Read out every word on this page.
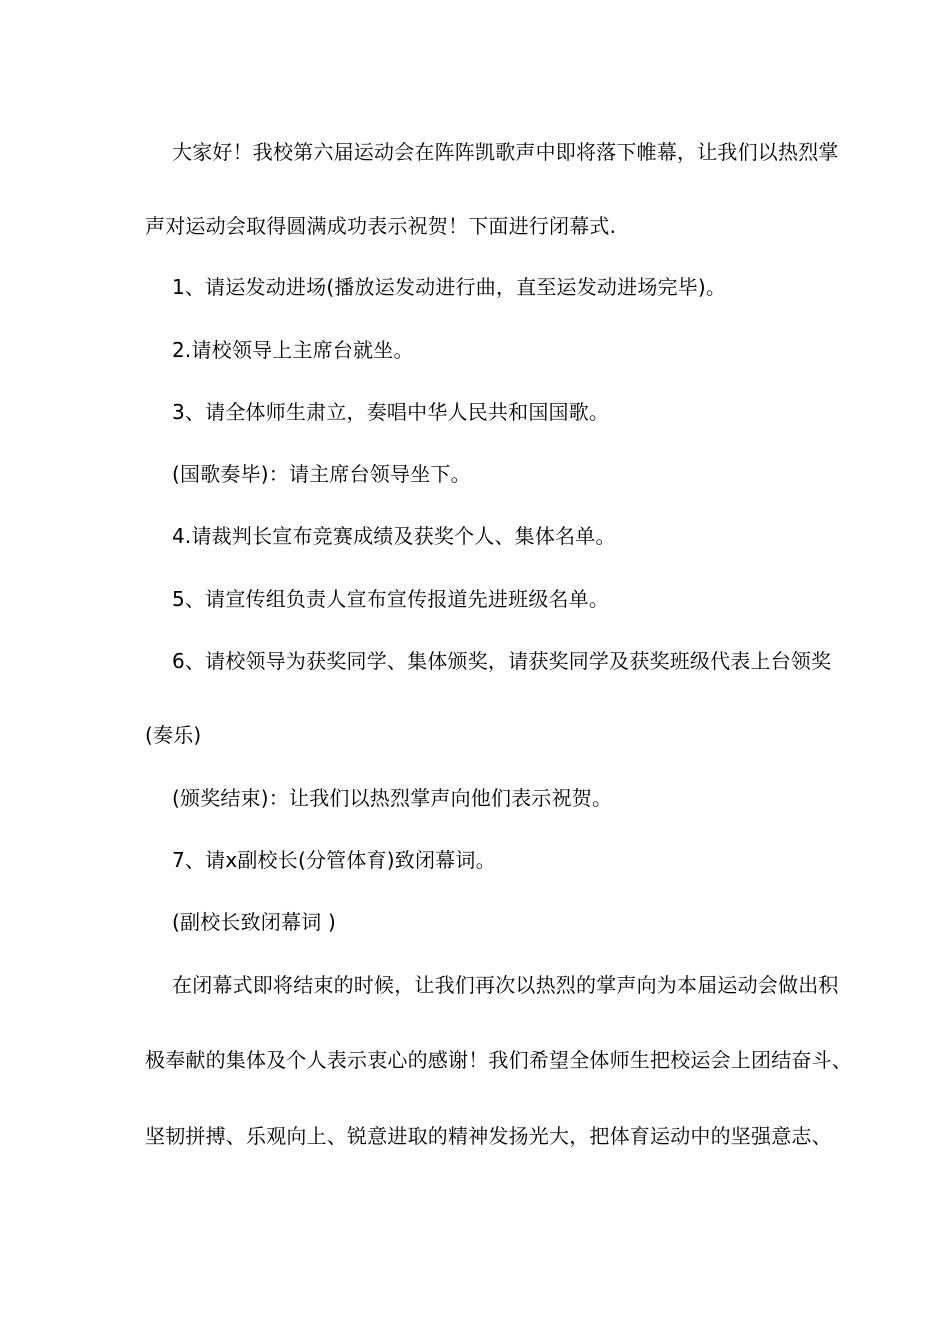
大家好！我校第六届运动会在阵阵凯歌声中即将落下帷幕，让我们以热烈掌
声对运动会取得圆满成功表示祝贺！下面进行闭幕式.
1、请运发动进场(播放运发动进行曲，直至运发动进场完毕)。
2.请校领导上主席台就坐。
3、请全体师生肃立，奏唱中华人民共和国国歌。
(国歌奏毕)：请主席台领导坐下。
4.请裁判长宣布竞赛成绩及获奖个人、集体名单。
5、请宣传组负责人宣布宣传报道先进班级名单。
6、请校领导为获奖同学、集体颁奖，请获奖同学及获奖班级代表上台领奖
(奏乐)
(颁奖结束)：让我们以热烈掌声向他们表示祝贺。
7、请x副校长(分管体育)致闭幕词。
(副校长致闭幕词 )
在闭幕式即将结束的时候，让我们再次以热烈的掌声向为本届运动会做出积
极奉献的集体及个人表示衷心的感谢！我们希望全体师生把校运会上团结奋斗、
坚韧拼搏、乐观向上、锐意进取的精神发扬光大，把体育运动中的坚强意志、
